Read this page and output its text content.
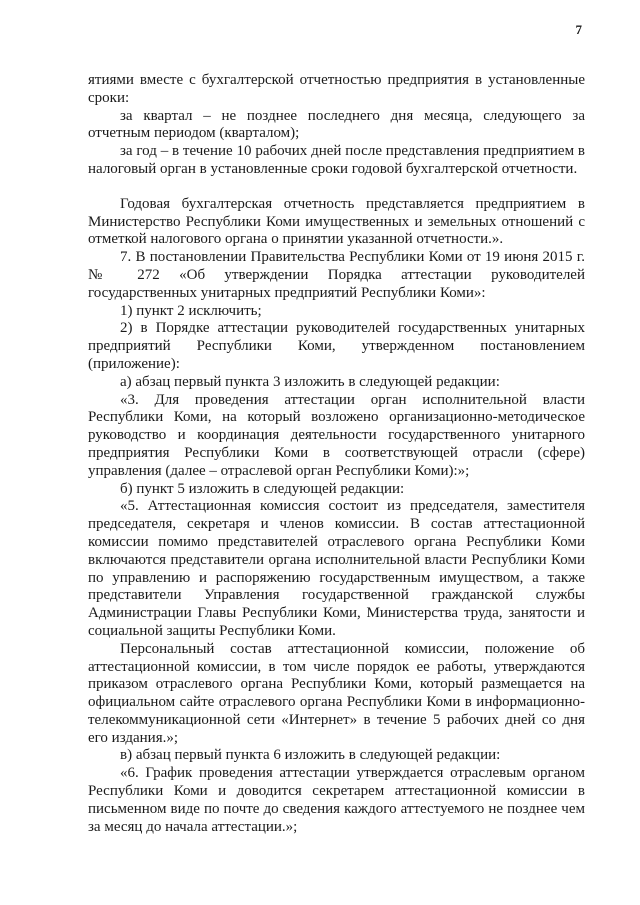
7

ятиями вместе с бухгалтерской отчетностью предприятия в установленные сроки:

за квартал – не позднее последнего дня месяца, следующего за отчетным периодом (кварталом);

за год – в течение 10 рабочих дней после представления предприятием в налоговый орган в установленные сроки годовой бухгалтерской отчетности.

Годовая бухгалтерская отчетность представляется предприятием в Министерство Республики Коми имущественных и земельных отношений с отметкой налогового органа о принятии указанной отчетности.».

7. В постановлении Правительства Республики Коми от 19 июня 2015 г. № 272 «Об утверждении Порядка аттестации руководителей государственных унитарных предприятий Республики Коми»:

1) пункт 2 исключить;

2) в Порядке аттестации руководителей государственных унитарных предприятий Республики Коми, утвержденном постановлением (приложение):

а) абзац первый пункта 3 изложить в следующей редакции:

«3. Для проведения аттестации орган исполнительной власти Республики Коми, на который возложено организационно-методическое руководство и координация деятельности государственного унитарного предприятия Республики Коми в соответствующей отрасли (сфере) управления (далее – отраслевой орган Республики Коми):»;

б) пункт 5 изложить в следующей редакции:

«5. Аттестационная комиссия состоит из председателя, заместителя председателя, секретаря и членов комиссии. В состав аттестационной комиссии помимо представителей отраслевого органа Республики Коми включаются представители органа исполнительной власти Республики Коми по управлению и распоряжению государственным имуществом, а также представители Управления государственной гражданской службы Администрации Главы Республики Коми, Министерства труда, занятости и социальной защиты Республики Коми.

Персональный состав аттестационной комиссии, положение об аттестационной комиссии, в том числе порядок ее работы, утверждаются приказом отраслевого органа Республики Коми, который размещается на официальном сайте отраслевого органа Республики Коми в информационно-телекоммуникационной сети «Интернет» в течение 5 рабочих дней со дня его издания.»;

в) абзац первый пункта 6 изложить в следующей редакции:

«6. График проведения аттестации утверждается отраслевым органом Республики Коми и доводится секретарем аттестационной комиссии в письменном виде по почте до сведения каждого аттестуемого не позднее чем за месяц до начала аттестации.»;
